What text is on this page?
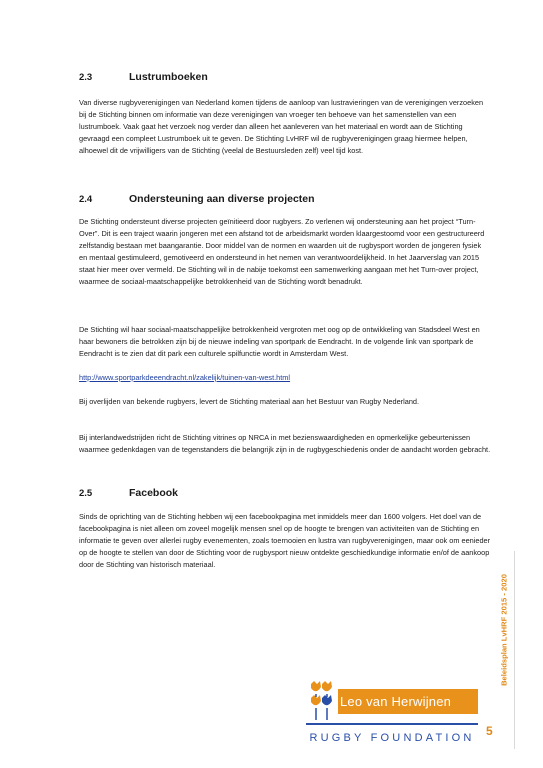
2.3	Lustrumboeken

Van diverse rugbyverenigingen van Nederland komen tijdens de aanloop van lustravieringen van de verenigingen verzoeken bij de Stichting binnen om informatie van deze verenigingen van vroeger ten behoeve van het samenstellen van een lustrumboek. Vaak gaat het verzoek nog verder dan alleen het aanleveren van het materiaal en wordt aan de Stichting gevraagd een compleet Lustrumboek uit te geven. De Stichting LvHRF wil de rugbyverenigingen graag hiermee helpen, alhoewel dit de vrijwilligers van de Stichting (veelal de Bestuursleden zelf) veel tijd kost.

2.4	Ondersteuning aan diverse projecten

De Stichting ondersteunt diverse projecten geïnitieerd door rugbyers. Zo verlenen wij ondersteuning aan het project “Turn-Over”. Dit is een traject waarin jongeren met een afstand tot de arbeidsmarkt worden klaargestoomd voor een gestructureerd zelfstandig bestaan met baangarantie. Door middel van de normen en waarden uit de rugbysport worden de jongeren fysiek en mentaal gestimuleerd, gemotiveerd en ondersteund in het nemen van verantwoordelijkheid. In het Jaarverslag van 2015 staat hier meer over vermeld. De Stichting wil in de nabije toekomst een samenwerking aangaan met het Turn-over project, waarmee de sociaal-maatschappelijke betrokkenheid van de Stichting wordt benadrukt.

De Stichting wil haar sociaal-maatschappelijke betrokkenheid vergroten met oog op de ontwikkeling van Stadsdeel West en haar bewoners die betrokken zijn bij de nieuwe indeling van sportpark de Eendracht. In de volgende link van sportpark de Eendracht is te zien dat dit park een culturele spilfunctie wordt in Amsterdam West.

http://www.sportparkdeeendracht.nl/zakelijk/tuinen-van-west.html

Bij overlijden van bekende rugbyers, levert de Stichting materiaal aan het Bestuur van Rugby Nederland.

Bij interlandwedstrijden richt de Stichting vitrines op NRCA in met bezienswaardigheden en opmerkelijke gebeurtenissen waarmee gedenkdagen van de tegenstanders die belangrijk zijn in de rugbygeschiedenis onder de aandacht worden gebracht.

2.5	Facebook

Sinds de oprichting van de Stichting hebben wij een facebookpagina met inmiddels meer dan 1600 volgers. Het doel van de facebookpagina is niet alleen om zoveel mogelijk mensen snel op de hoogte te brengen van activiteiten van de Stichting en informatie te geven over allerlei rugby evenementen, zoals toernooien en lustra van rugbyverenigingen, maar ook om eenieder op de hoogte te stellen van door de Stichting voor de rugbysport nieuw ontdekte geschiedkundige informatie en/of de aankoop door de Stichting van historisch materiaal.

Beleidsplan LvHRF 2015 - 2020
5
Leo van Herwijnen
RUGBY FOUNDATION
